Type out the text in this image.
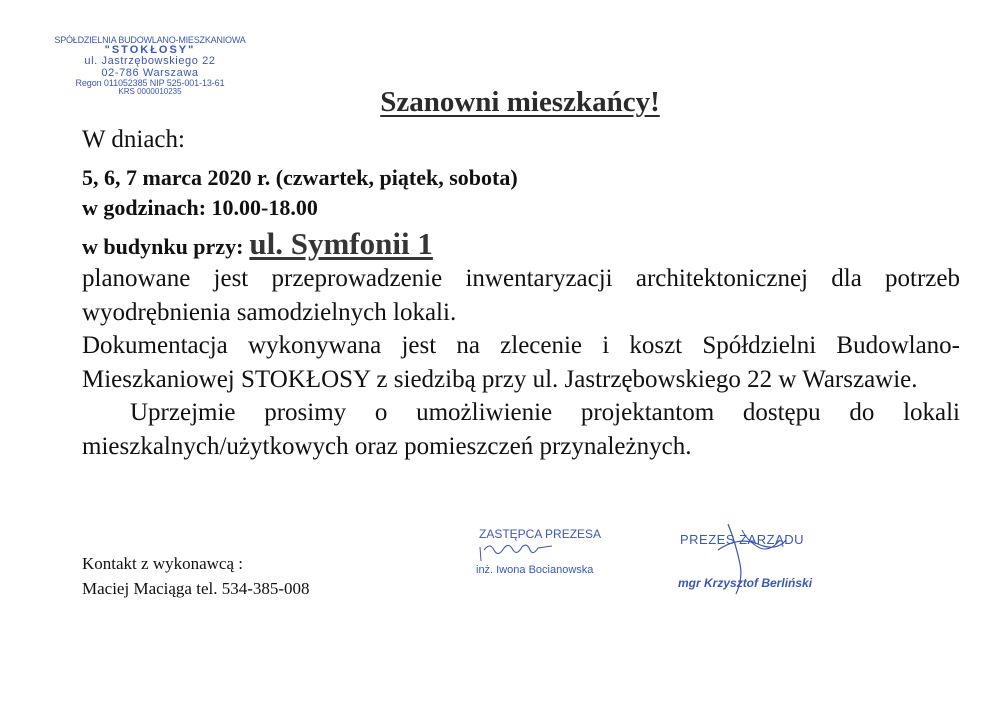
SPÓŁDZIELNIA BUDOWLANO-MIESZKANIOWA
"STOKŁOSY"
ul. Jastrzębowskiego 22
02-786 Warszawa
Regon 011052385 NIP 525-001-13-61
KRS 0000010235	Szanowni mieszkańcy!

W dniach:

5, 6, 7 marca 2020 r. (czwartek, piątek, sobota)

w godzinach: 10.00-18.00

w budynku przy: ul. Symfonii 1

planowane jest przeprowadzenie inwentaryzacji architektonicznej dla potrzeb wyodrębnienia samodzielnych lokali.
Dokumentacja wykonywana jest na zlecenie i koszt Spółdzielni Budowlano-Mieszkaniowej STOKŁOSY z siedzibą przy ul. Jastrzębowskiego 22 w Warszawie.
Uprzejmie prosimy o umożliwienie projektantom dostępu do lokali mieszkalnych/użytkowych oraz pomieszczeń przynależnych.
Kontakt z wykonawcą :
Maciej Maciąga tel. 534-385-008
ZASTĘPCA PREZESA
inż. Iwona Bocianowska
PREZES ZARZĄDU
mgr Krzysztof Berliński
